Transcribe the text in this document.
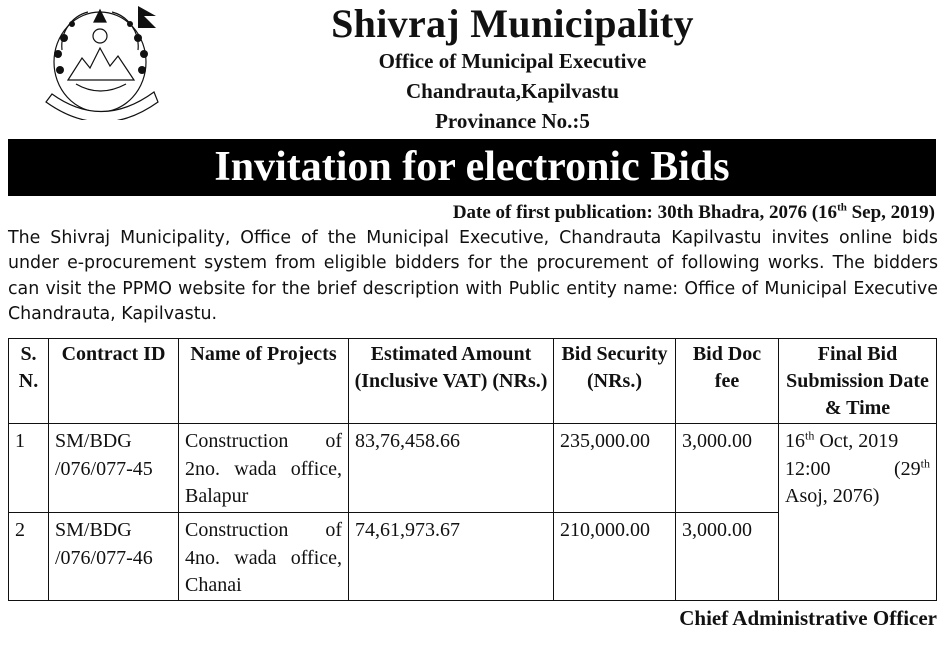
Shivraj Municipality
Office of Municipal Executive
Chandrauta,Kapilvastu
Provinance No.:5
Invitation for electronic Bids
Date of first publication: 30th Bhadra, 2076 (16th Sep, 2019)
The Shivraj Municipality, Office of the Municipal Executive, Chandrauta Kapilvastu invites online bids under e-procurement system from eligible bidders for the procurement of following works. The bidders can visit the PPMO website for the brief description with Public entity name: Office of Municipal Executive Chandrauta, Kapilvastu.
S. N.	Contract ID	Name of Projects	Estimated Amount (Inclusive VAT) (NRs.)	Bid Security (NRs.)	Bid Doc fee	Final Bid Submission Date & Time
1	SM/BDG /076/077-45	Construction of 2no. wada office, Balapur	83,76,458.66	235,000.00	3,000.00	16th Oct, 2019
12:00 (29th
Asoj, 2076)

2	SM/BDG /076/077-46	Construction of 4no. wada office, Chanai	74,61,973.67	210,000.00	3,000.00	
Chief Administrative Officer
